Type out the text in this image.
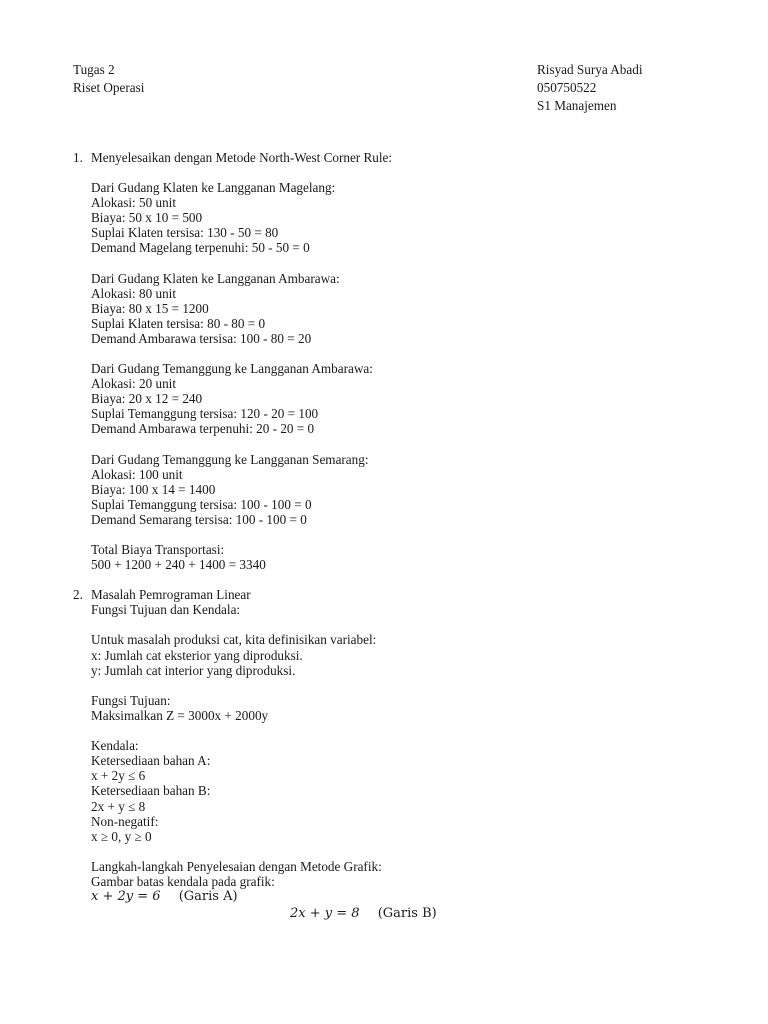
Tugas 2
Riset Operasi
Risyad Surya Abadi
050750522
S1 Manajemen
1. Menyelesaikan dengan Metode North-West Corner Rule:
Dari Gudang Klaten ke Langganan Magelang:
Alokasi: 50 unit
Biaya: 50 x 10 = 500
Suplai Klaten tersisa: 130 - 50 = 80
Demand Magelang terpenuhi: 50 - 50 = 0
Dari Gudang Klaten ke Langganan Ambarawa:
Alokasi: 80 unit
Biaya: 80 x 15 = 1200
Suplai Klaten tersisa: 80 - 80 = 0
Demand Ambarawa tersisa: 100 - 80 = 20
Dari Gudang Temanggung ke Langganan Ambarawa:
Alokasi: 20 unit
Biaya: 20 x 12 = 240
Suplai Temanggung tersisa: 120 - 20 = 100
Demand Ambarawa terpenuhi: 20 - 20 = 0
Dari Gudang Temanggung ke Langganan Semarang:
Alokasi: 100 unit
Biaya: 100 x 14 = 1400
Suplai Temanggung tersisa: 100 - 100 = 0
Demand Semarang tersisa: 100 - 100 = 0
Total Biaya Transportasi:
500 + 1200 + 240 + 1400 = 3340
2. Masalah Pemrograman Linear
Fungsi Tujuan dan Kendala:
Untuk masalah produksi cat, kita definisikan variabel:
x: Jumlah cat eksterior yang diproduksi.
y: Jumlah cat interior yang diproduksi.
Fungsi Tujuan:
Maksimalkan Z = 3000x + 2000y
Kendala:
Ketersediaan bahan A:
x + 2y ≤ 6
Ketersediaan bahan B:
2x + y ≤ 8
Non-negatif:
x ≥ 0, y ≥ 0
Langkah-langkah Penyelesaian dengan Metode Grafik:
Gambar batas kendala pada grafik:
x + 2y = 6 (Garis A)
2x + y = 8 (Garis B)
